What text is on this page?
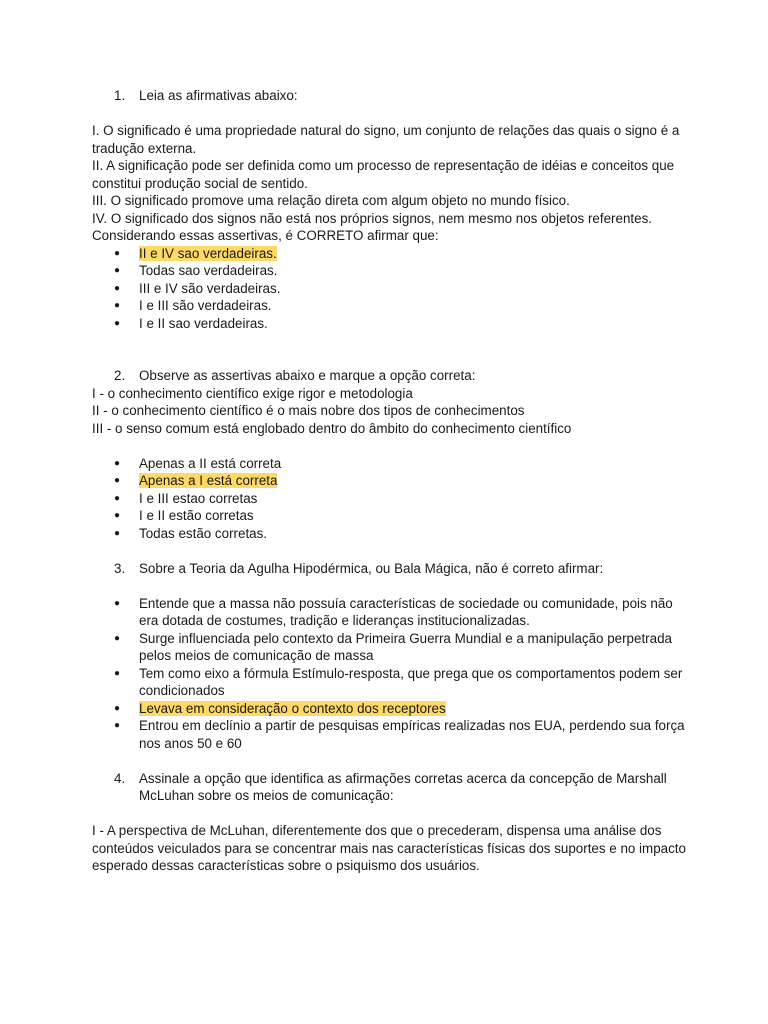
1.	Leia as afirmativas abaixo:

I. O significado é uma propriedade natural do signo, um conjunto de relações das quais o signo é a tradução externa.

II. A significação pode ser definida como um processo de representação de idéias e conceitos que constitui produção social de sentido.

III. O significado promove uma relação direta com algum objeto no mundo físico.

IV. O significado dos signos não está nos próprios signos, nem mesmo nos objetos referentes.

Considerando essas assertivas, é CORRETO afirmar que:

●	II e IV sao verdadeiras.
●	Todas sao verdadeiras.
●	III e IV são verdadeiras.
●	I e III são verdadeiras.
●	I e II sao verdadeiras.
2.	Observe as assertivas abaixo e marque a opção correta:

I - o conhecimento científico exige rigor e metodologia

II - o conhecimento científico é o mais nobre dos tipos de conhecimentos

III - o senso comum está englobado dentro do âmbito do conhecimento científico

●	Apenas a II está correta
●	Apenas a I está correta
●	I e III estao corretas
●	I e II estão corretas
●	Todas estão corretas.
3.	Sobre a Teoria da Agulha Hipodérmica, ou Bala Mágica, não é correto afirmar:
●	Entende que a massa não possuía características de sociedade ou comunidade, pois não era dotada de costumes, tradição e lideranças institucionalizadas.
●	Surge influenciada pelo contexto da Primeira Guerra Mundial e a manipulação perpetrada pelos meios de comunicação de massa
●	Tem como eixo a fórmula Estímulo-resposta, que prega que os comportamentos podem ser condicionados
●	Levava em consideração o contexto dos receptores
●	Entrou em declínio a partir de pesquisas empíricas realizadas nos EUA, perdendo sua força nos anos 50 e 60
4.	Assinale a opção que identifica as afirmações corretas acerca da concepção de Marshall McLuhan sobre os meios de comunicação:

I - A perspectiva de McLuhan, diferentemente dos que o precederam, dispensa uma análise dos conteúdos veiculados para se concentrar mais nas características físicas dos suportes e no impacto esperado dessas características sobre o psiquismo dos usuários.
